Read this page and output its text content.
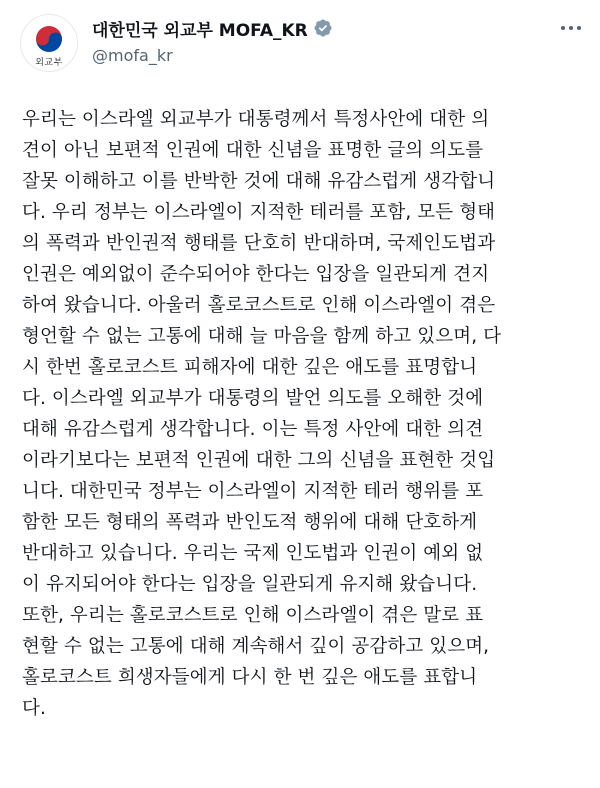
외교부
대한민국 외교부 MOFA_KR
@mofa_kr
우리는 이스라엘 외교부가 대통령께서 특정사안에 대한 의
견이 아닌 보편적 인권에 대한 신념을 표명한 글의 의도를
잘못 이해하고 이를 반박한 것에 대해 유감스럽게 생각합니
다. 우리 정부는 이스라엘이 지적한 테러를 포함, 모든 형태
의 폭력과 반인권적 행태를 단호히 반대하며, 국제인도법과
인권은 예외없이 준수되어야 한다는 입장을 일관되게 견지
하여 왔습니다. 아울러 홀로코스트로 인해 이스라엘이 겪은
형언할 수 없는 고통에 대해 늘 마음을 함께 하고 있으며, 다
시 한번 홀로코스트 피해자에 대한 깊은 애도를 표명합니
다. 이스라엘 외교부가 대통령의 발언 의도를 오해한 것에
대해 유감스럽게 생각합니다. 이는 특정 사안에 대한 의견
이라기보다는 보편적 인권에 대한 그의 신념을 표현한 것입
니다. 대한민국 정부는 이스라엘이 지적한 테러 행위를 포
함한 모든 형태의 폭력과 반인도적 행위에 대해 단호하게
반대하고 있습니다. 우리는 국제 인도법과 인권이 예외 없
이 유지되어야 한다는 입장을 일관되게 유지해 왔습니다.
또한, 우리는 홀로코스트로 인해 이스라엘이 겪은 말로 표
현할 수 없는 고통에 대해 계속해서 깊이 공감하고 있으며,
홀로코스트 희생자들에게 다시 한 번 깊은 애도를 표합니
다.
